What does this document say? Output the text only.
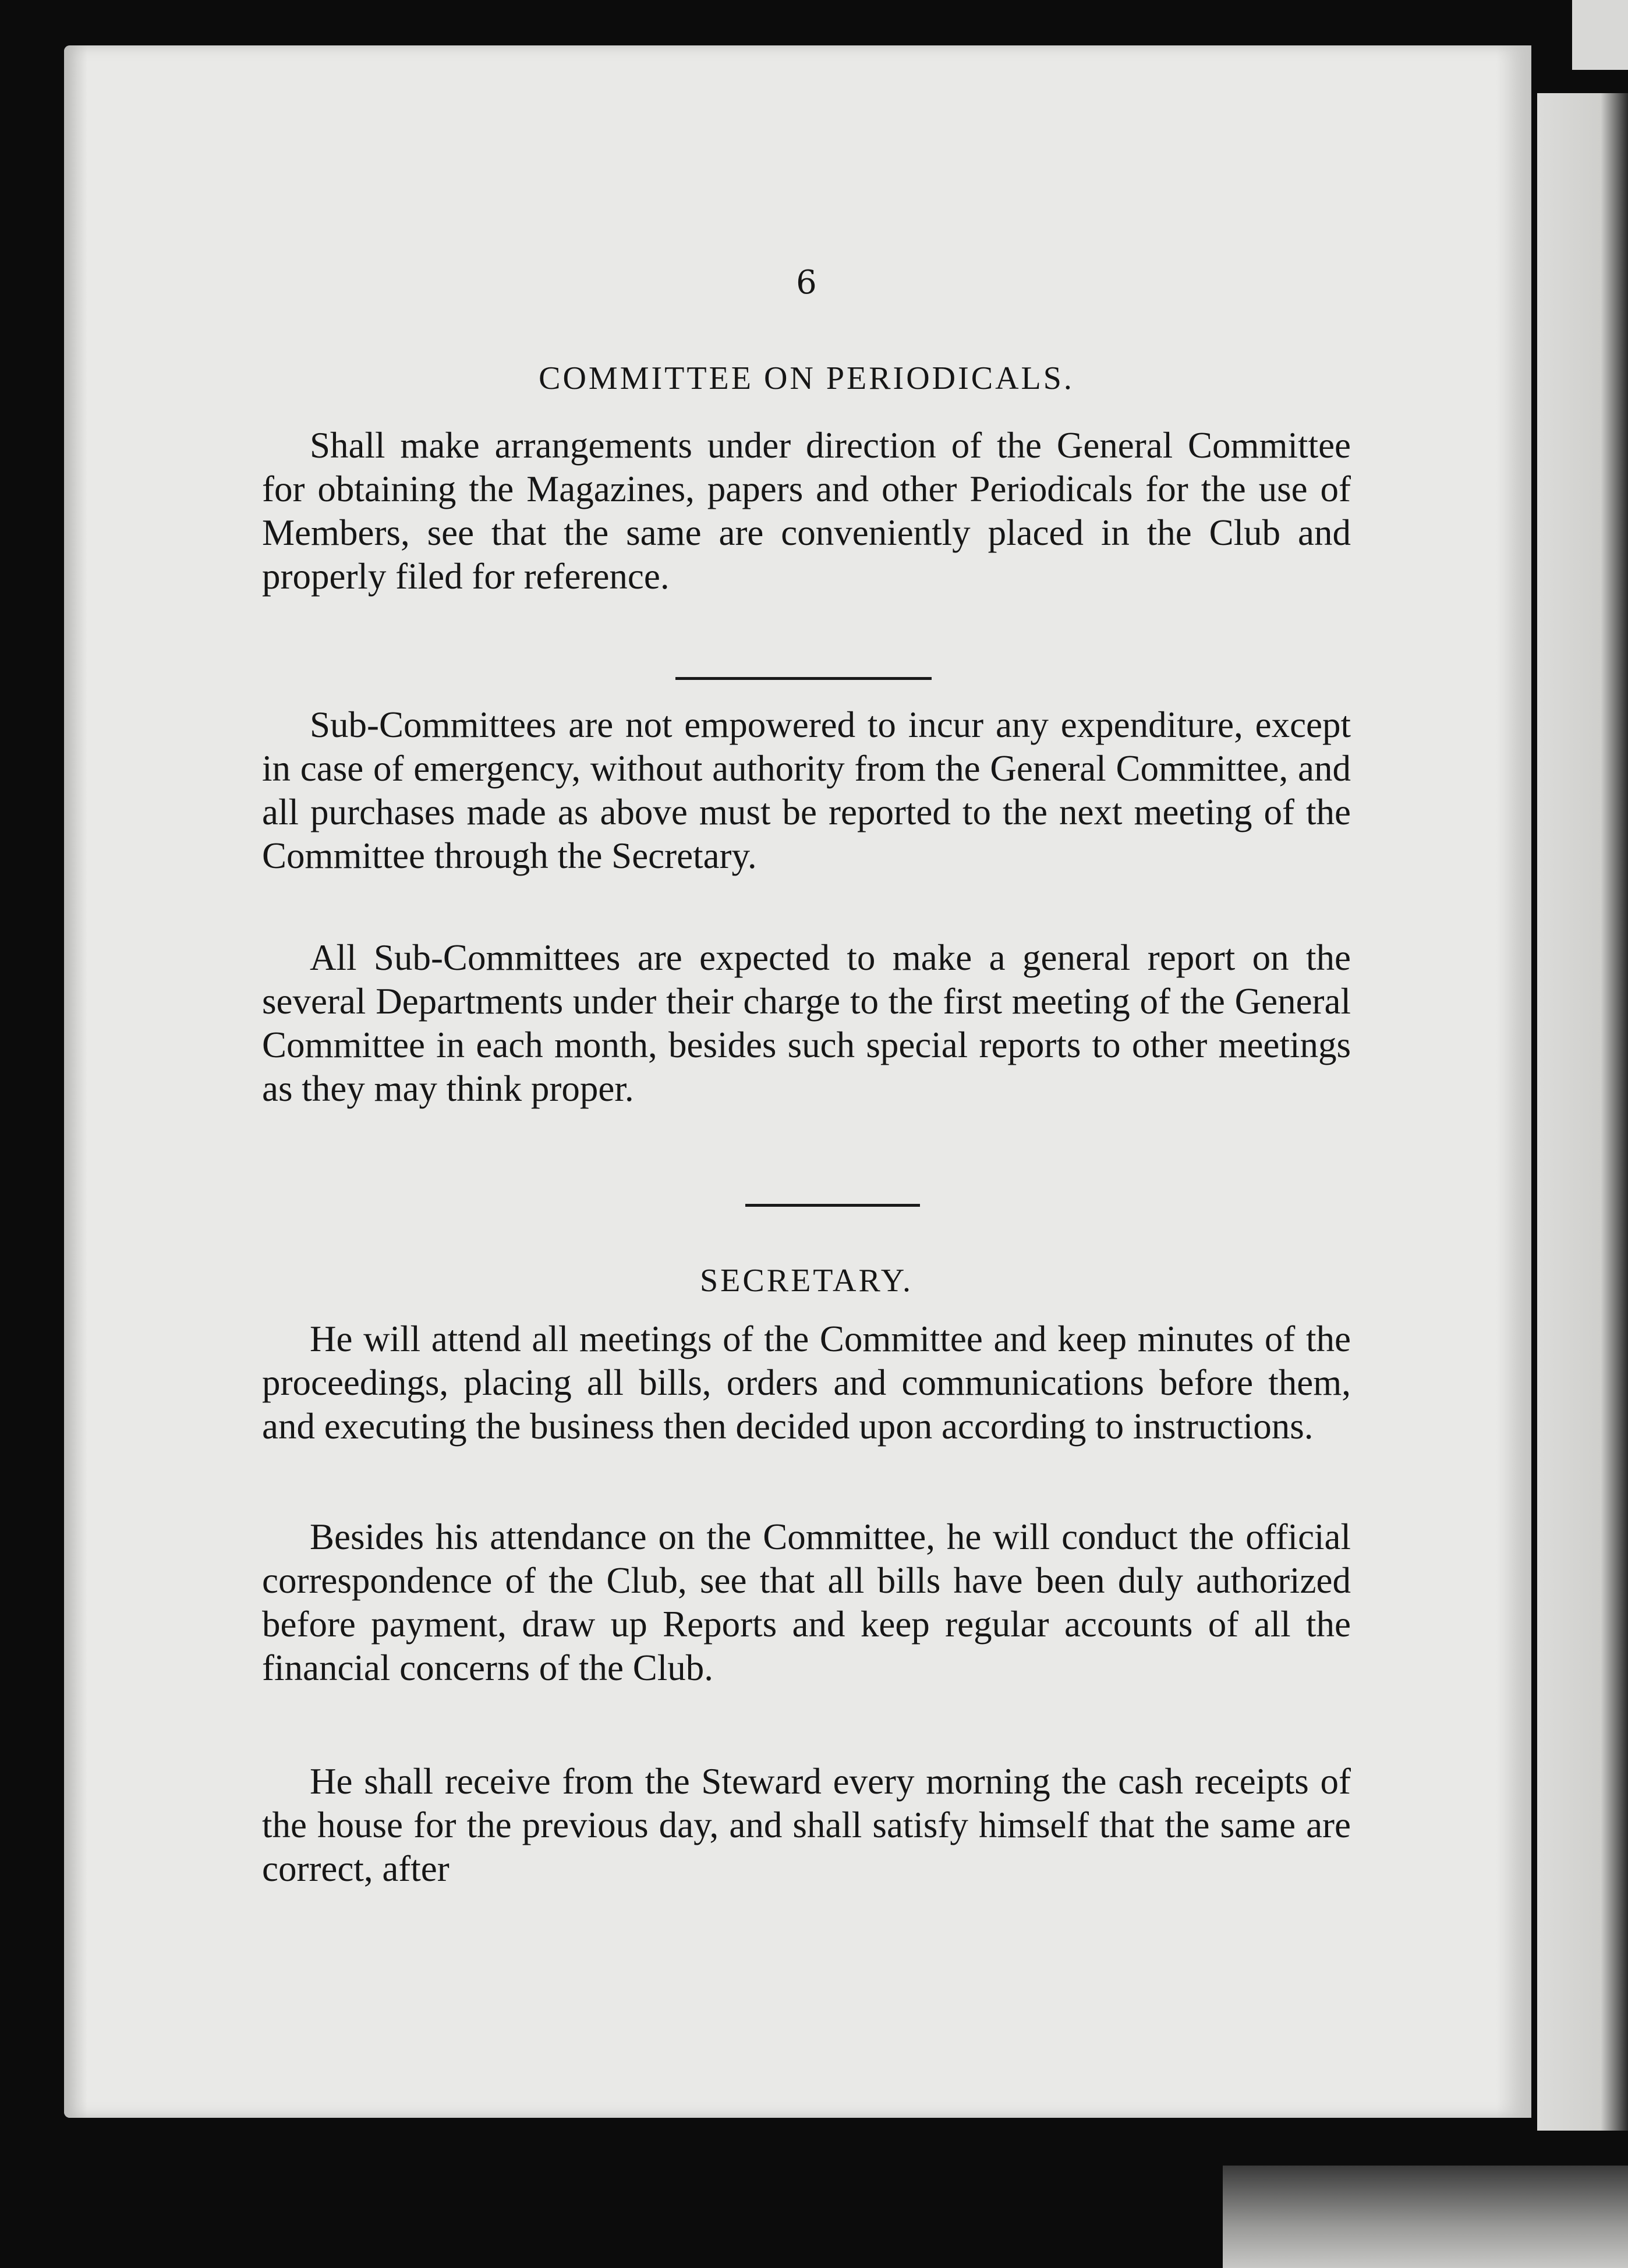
6
COMMITTEE ON PERIODICALS.
Shall make arrangements under direction of the General Committee for obtaining the Magazines, papers and other Periodicals for the use of Members, see that the same are conveniently placed in the Club and properly filed for reference.
Sub-Committees are not empowered to incur any expenditure, except in case of emergency, without authority from the General Committee, and all purchases made as above must be reported to the next meeting of the Committee through the Secretary.
All Sub-Committees are expected to make a general report on the several Departments under their charge to the first meeting of the General Committee in each month, besides such special reports to other meetings as they may think proper.
SECRETARY.
He will attend all meetings of the Committee and keep minutes of the proceedings, placing all bills, orders and communications before them, and executing the business then decided upon according to instructions.
Besides his attendance on the Committee, he will conduct the official correspondence of the Club, see that all bills have been duly authorized before payment, draw up Reports and keep regular accounts of all the financial concerns of the Club.
He shall receive from the Steward every morning the cash receipts of the house for the previous day, and shall satisfy himself that the same are correct, after
